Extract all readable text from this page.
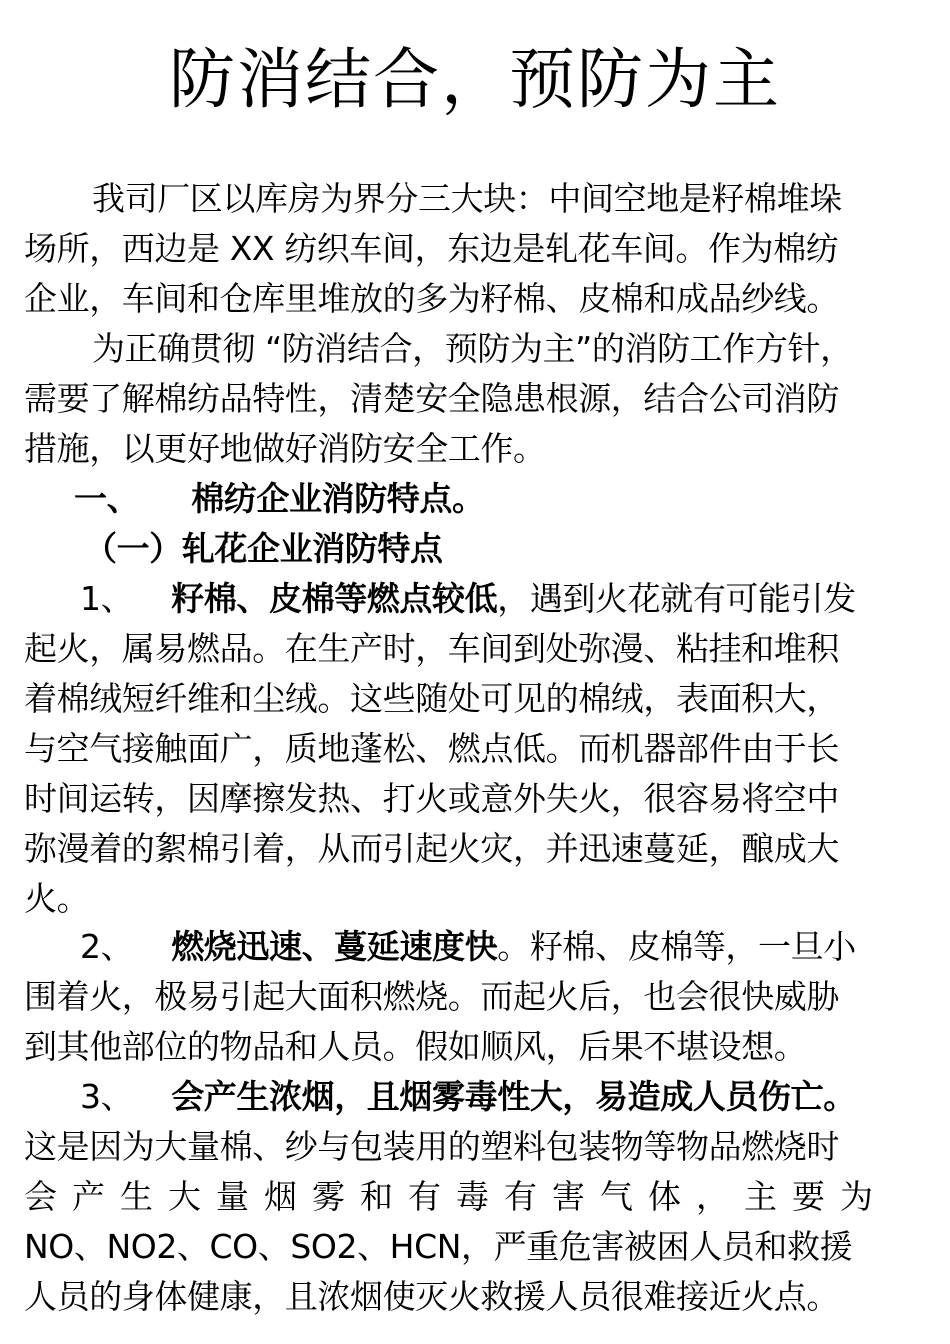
防消结合，预防为主
我司厂区以库房为界分三大块：中间空地是籽棉堆垛
场所，西边是 XX 纺织车间，东边是轧花车间。作为棉纺
企业，车间和仓库里堆放的多为籽棉、皮棉和成品纱线。
为正确贯彻 “防消结合，预防为主”的消防工作方针，
需要了解棉纺品特性，清楚安全隐患根源，结合公司消防
措施，以更好地做好消防安全工作。
一、 棉纺企业消防特点。
（一）轧花企业消防特点
1、 籽棉、皮棉等燃点较低，遇到火花就有可能引发
起火，属易燃品。在生产时，车间到处弥漫、粘挂和堆积
着棉绒短纤维和尘绒。这些随处可见的棉绒，表面积大，
与空气接触面广，质地蓬松、燃点低。而机器部件由于长
时间运转，因摩擦发热、打火或意外失火，很容易将空中
弥漫着的絮棉引着，从而引起火灾，并迅速蔓延，酿成大
火。
2、 燃烧迅速、蔓延速度快。籽棉、皮棉等，一旦小
围着火，极易引起大面积燃烧。而起火后，也会很快威胁
到其他部位的物品和人员。假如顺风，后果不堪设想。
3、 会产生浓烟，且烟雾毒性大，易造成人员伤亡。
这是因为大量棉、纱与包装用的塑料包装物等物品燃烧时
会产生大量烟雾和有毒有害气体，主要为
NO、NO2、CO、SO2、HCN，严重危害被困人员和救援
人员的身体健康，且浓烟使灭火救援人员很难接近火点。
